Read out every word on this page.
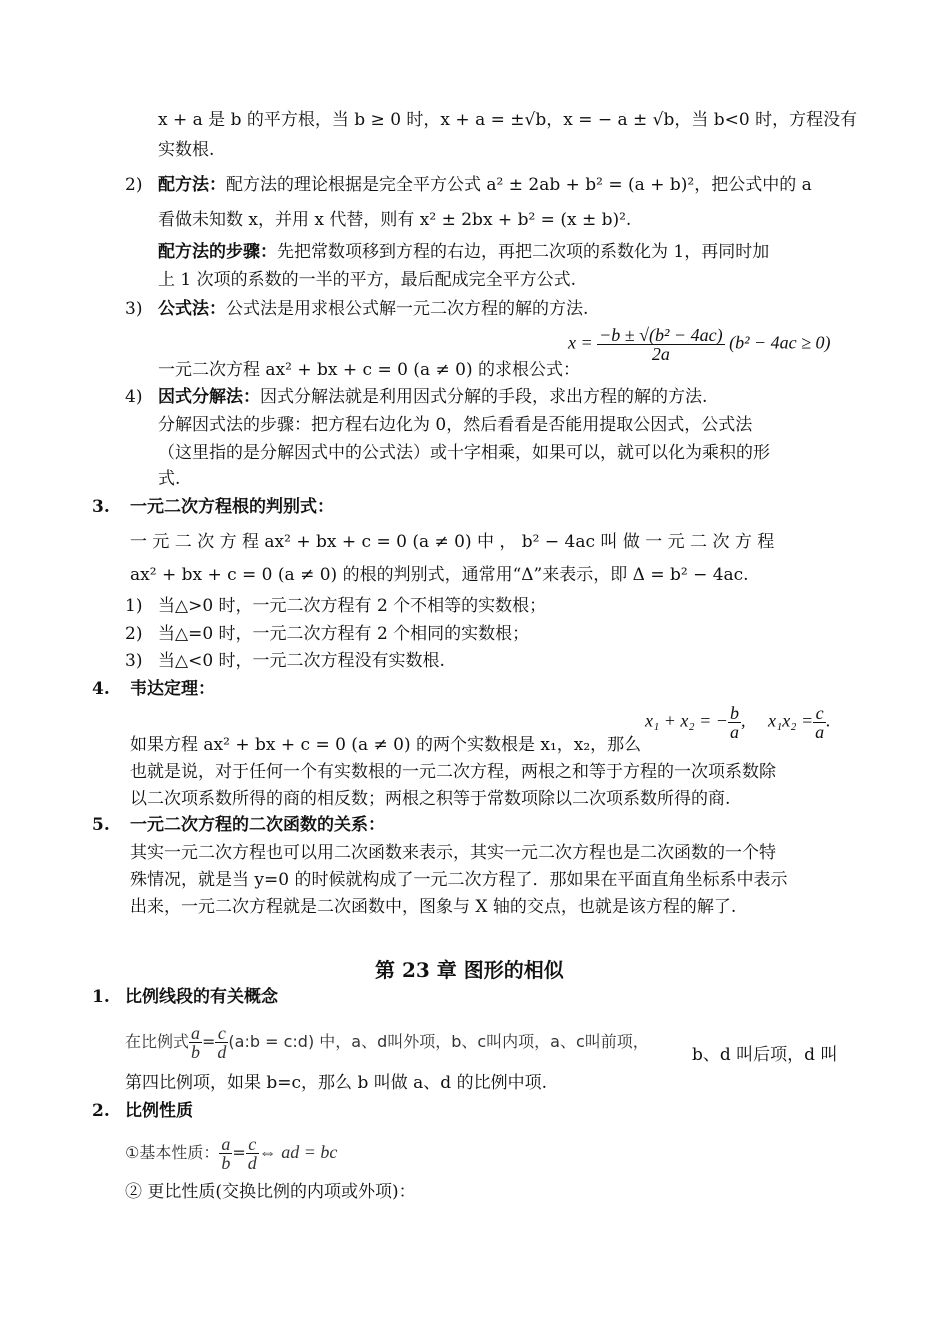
x + a 是 b 的平方根，当 b ≥ 0 时，x + a = ±√b，x = − a ± √b，当 b<0 时，方程没有
实数根.
2) 配方法：配方法的理论根据是完全平方公式 a² ± 2ab + b² = (a + b)²，把公式中的 a
看做未知数 x，并用 x 代替，则有 x² ± 2bx + b² = (x ± b)².
配方法的步骤：先把常数项移到方程的右边，再把二次项的系数化为 1，再同时加
上 1 次项的系数的一半的平方，最后配成完全平方公式.
3) 公式法：公式法是用求根公式解一元二次方程的解的方法.
一元二次方程 ax² + bx + c = 0 (a ≠ 0) 的求根公式：
$x = \frac{\text{−b ± √(b² − 4ac)}}{2a} (b^2 - 4ac \ge 0)$
4) 因式分解法：因式分解法就是利用因式分解的手段，求出方程的解的方法.
分解因式法的步骤：把方程右边化为 0，然后看看是否能用提取公因式，公式法
（这里指的是分解因式中的公式法）或十字相乘，如果可以，就可以化为乘积的形
式.
3. 一元二次方程根的判别式：
一 元 二 次 方 程 ax² + bx + c = 0 (a ≠ 0) 中 ， b² − 4ac 叫 做 一 元 二 次 方 程
ax² + bx + c = 0 (a ≠ 0) 的根的判别式，通常用“Δ”来表示，即 Δ = b² − 4ac.
1) 当△>0 时，一元二次方程有 2 个不相等的实数根；
2) 当△=0 时，一元二次方程有 2 个相同的实数根；
3) 当△<0 时，一元二次方程没有实数根.
4. 韦达定理：
如果方程 ax² + bx + c = 0 (a ≠ 0) 的两个实数根是 x₁，x₂，那么
x₁ + x₂ = − $\frac{b}{a}$ , $x_1x_2 = \frac{c}{a}$ .
也就是说，对于任何一个有实数根的一元二次方程，两根之和等于方程的一次项系数除
以二次项系数所得的商的相反数；两根之积等于常数项除以二次项系数所得的商.
5. 一元二次方程的二次函数的关系：
其实一元二次方程也可以用二次函数来表示，其实一元二次方程也是二次函数的一个特
殊情况，就是当 y=0 的时候就构成了一元二次方程了．那如果在平面直角坐标系中表示
出来，一元二次方程就是二次函数中，图象与 X 轴的交点，也就是该方程的解了.
第 23 章 图形的相似
1. 比例线段的有关概念
在比例式 $\frac{a}{b} = \frac{c}{d}$ (a:b = c:d) 中，a、d叫外项，b、c叫内项，a、c叫前项，
b、d 叫后项，d 叫
第四比例项，如果 b=c，那么 b 叫做 a、d 的比例中项.
2. 比例性质
①基本性质： $\frac{a}{b} = \frac{c}{d}$ ⇔ ad = bc
② 更比性质(交换比例的内项或外项)：
